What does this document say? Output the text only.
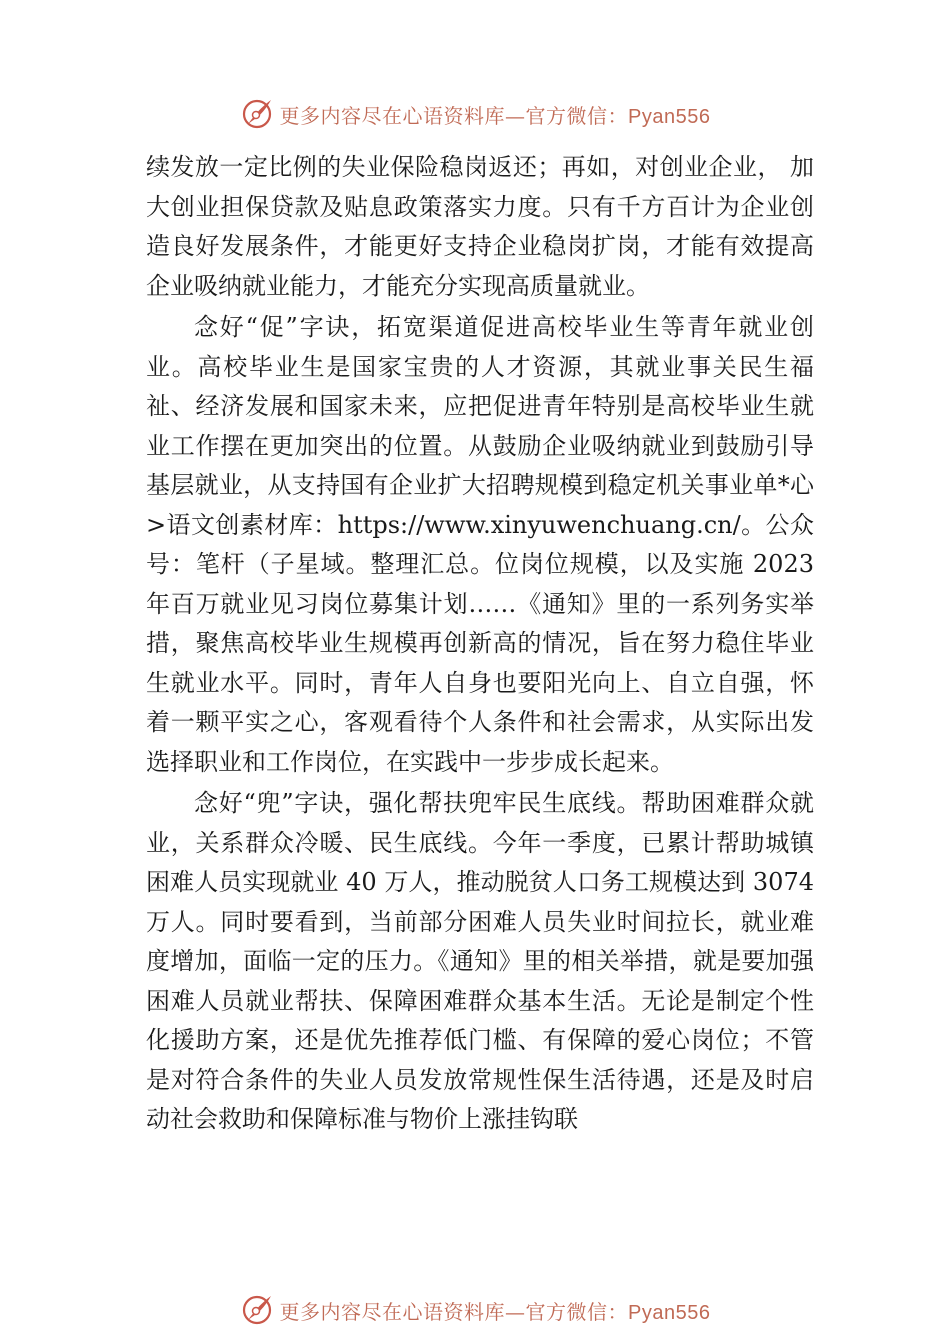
更多内容尽在心语资料库—官方微信：Pyan556

续发放一定比例的失业保险稳岗返还；再如，对创业企业， 加大创业担保贷款及贴息政策落实力度。只有千方百计为企业创造良好发展条件，才能更好支持企业稳岗扩岗，才能有效提高企业吸纳就业能力，才能充分实现高质量就业。

念好“促”字诀，拓宽渠道促进高校毕业生等青年就业创业。高校毕业生是国家宝贵的人才资源，其就业事关民生福祉、经济发展和国家未来，应把促进青年特别是高校毕业生就业工作摆在更加突出的位置。从鼓励企业吸纳就业到鼓励引导基层就业，从支持国有企业扩大招聘规模到稳定机关事业单*心>语文创素材库：https://www.xinyuwenchuang.cn/。公众号：笔杆（子星域。整理汇总。位岗位规模，以及实施 2023 年百万就业见习岗位募集计划……《通知》里的一系列务实举措，聚焦高校毕业生规模再创新高的情况，旨在努力稳住毕业生就业水平。同时，青年人自身也要阳光向上、自立自强，怀着一颗平实之心，客观看待个人条件和社会需求，从实际出发选择职业和工作岗位，在实践中一步步成长起来。

念好“兜”字诀，强化帮扶兜牢民生底线。帮助困难群众就业，关系群众冷暖、民生底线。今年一季度，已累计帮助城镇困难人员实现就业 40 万人，推动脱贫人口务工规模达到 3074 万人。同时要看到，当前部分困难人员失业时间拉长，就业难度增加，面临一定的压力。《通知》里的相关举措，就是要加强困难人员就业帮扶、保障困难群众基本生活。无论是制定个性化援助方案，还是优先推荐低门槛、有保障的爱心岗位；不管是对符合条件的失业人员发放常规性保生活待遇，还是及时启动社会救助和保障标准与物价上涨挂钩联

更多内容尽在心语资料库—官方微信：Pyan556
